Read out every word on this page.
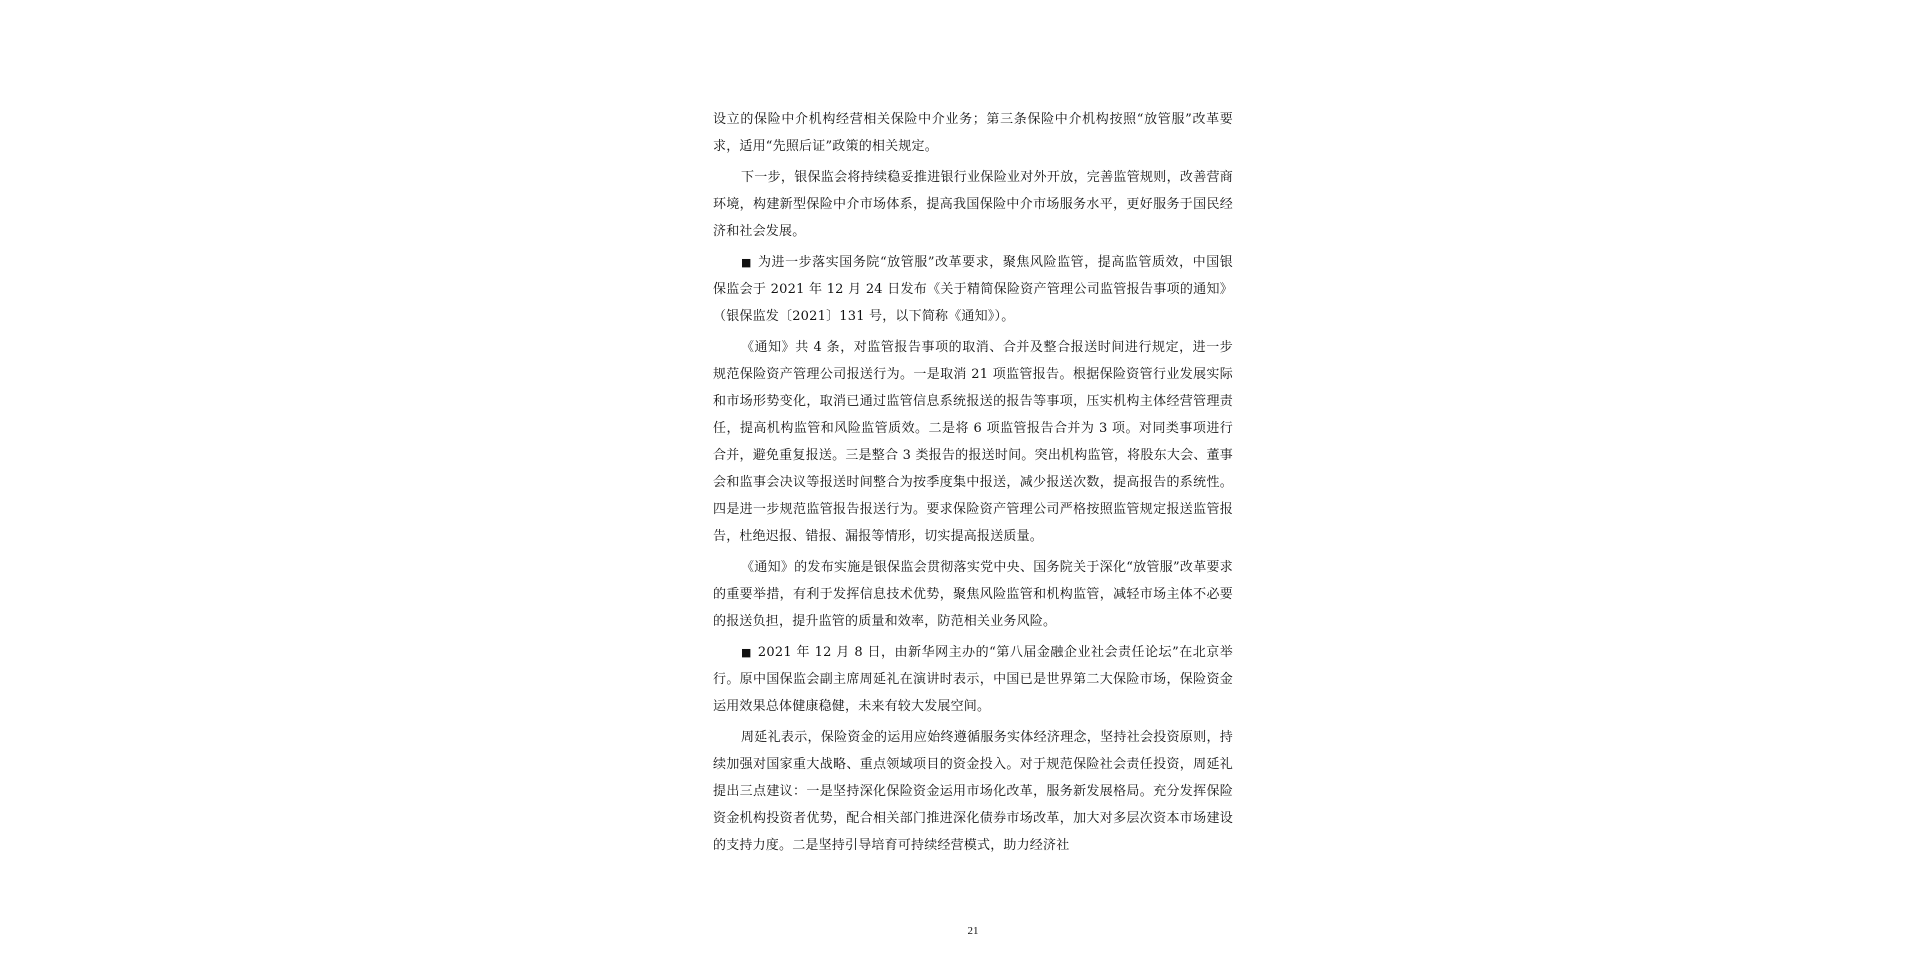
设立的保险中介机构经营相关保险中介业务；第三条保险中介机构按照“放管服”改革要求，适用“先照后证”政策的相关规定。

下一步，银保监会将持续稳妥推进银行业保险业对外开放，完善监管规则，改善营商环境，构建新型保险中介市场体系，提高我国保险中介市场服务水平，更好服务于国民经济和社会发展。

■ 为进一步落实国务院“放管服”改革要求，聚焦风险监管，提高监管质效，中国银保监会于 2021 年 12 月 24 日发布《关于精简保险资产管理公司监管报告事项的通知》（银保监发〔2021〕131 号，以下简称《通知》）。

《通知》共 4 条，对监管报告事项的取消、合并及整合报送时间进行规定，进一步规范保险资产管理公司报送行为。一是取消 21 项监管报告。根据保险资管行业发展实际和市场形势变化，取消已通过监管信息系统报送的报告等事项，压实机构主体经营管理责任，提高机构监管和风险监管质效。二是将 6 项监管报告合并为 3 项。对同类事项进行合并，避免重复报送。三是整合 3 类报告的报送时间。突出机构监管，将股东大会、董事会和监事会决议等报送时间整合为按季度集中报送，减少报送次数，提高报告的系统性。四是进一步规范监管报告报送行为。要求保险资产管理公司严格按照监管规定报送监管报告，杜绝迟报、错报、漏报等情形，切实提高报送质量。

《通知》的发布实施是银保监会贯彻落实党中央、国务院关于深化“放管服”改革要求的重要举措，有利于发挥信息技术优势，聚焦风险监管和机构监管，减轻市场主体不必要的报送负担，提升监管的质量和效率，防范相关业务风险。

■ 2021 年 12 月 8 日，由新华网主办的“第八届金融企业社会责任论坛”在北京举行。原中国保监会副主席周延礼在演讲时表示，中国已是世界第二大保险市场，保险资金运用效果总体健康稳健，未来有较大发展空间。

周延礼表示，保险资金的运用应始终遵循服务实体经济理念，坚持社会投资原则，持续加强对国家重大战略、重点领域项目的资金投入。对于规范保险社会责任投资，周延礼提出三点建议：一是坚持深化保险资金运用市场化改革，服务新发展格局。充分发挥保险资金机构投资者优势，配合相关部门推进深化债券市场改革，加大对多层次资本市场建设的支持力度。二是坚持引导培育可持续经营模式，助力经济社

21
